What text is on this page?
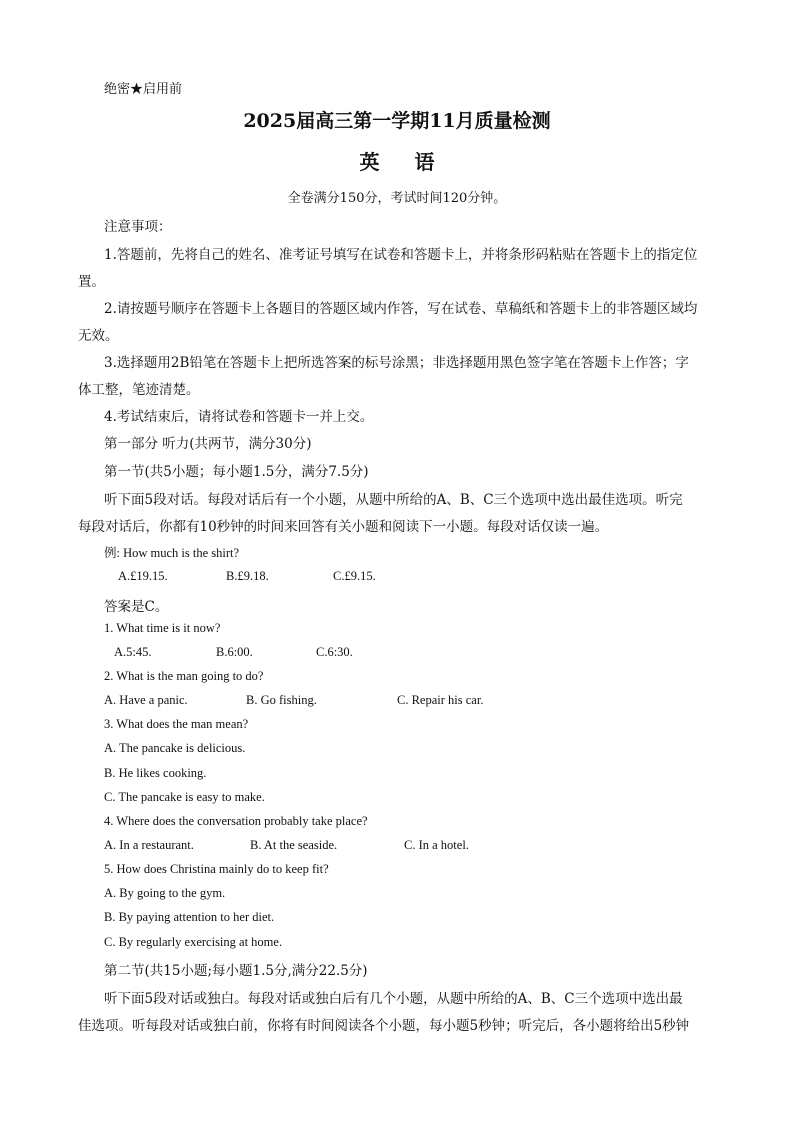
绝密★启用前
2025届高三第一学期11月质量检测
英 语
全卷满分150分，考试时间120分钟。
注意事项：
1.答题前，先将自己的姓名、准考证号填写在试卷和答题卡上，并将条形码粘贴在答题卡上的指定位
置。
2.请按题号顺序在答题卡上各题目的答题区域内作答，写在试卷、草稿纸和答题卡上的非答题区域均
无效。
3.选择题用2B铅笔在答题卡上把所选答案的标号涂黑；非选择题用黑色签字笔在答题卡上作答；字
体工整，笔迹清楚。
4.考试结束后，请将试卷和答题卡一并上交。
第一部分 听力(共两节，满分30分)
第一节(共5小题；每小题1.5分，满分7.5分)
听下面5段对话。每段对话后有一个小题，从题中所给的A、B、C三个选项中选出最佳选项。听完
每段对话后，你都有10秒钟的时间来回答有关小题和阅读下一小题。每段对话仅读一遍。
例: How much is the shirt?
A.£19.15.	B.£9.18.	C.£9.15.
答案是C。
1. What time is it now?
A.5:45.	B.6:00.	C.6:30.
2. What is the man going to do?
A. Have a panic.	B. Go fishing.	C. Repair his car.
3. What does the man mean?
A. The pancake is delicious.
B. He likes cooking.
C. The pancake is easy to make.
4. Where does the conversation probably take place?
A. In a restaurant.	B. At the seaside.	C. In a hotel.
5. How does Christina mainly do to keep fit?
A. By going to the gym.
B. By paying attention to her diet.
C. By regularly exercising at home.
第二节(共15小题;每小题1.5分,满分22.5分)
听下面5段对话或独白。每段对话或独白后有几个小题，从题中所给的A、B、C三个选项中选出最
佳选项。听每段对话或独白前，你将有时间阅读各个小题，每小题5秒钟；听完后，各小题将给出5秒钟
